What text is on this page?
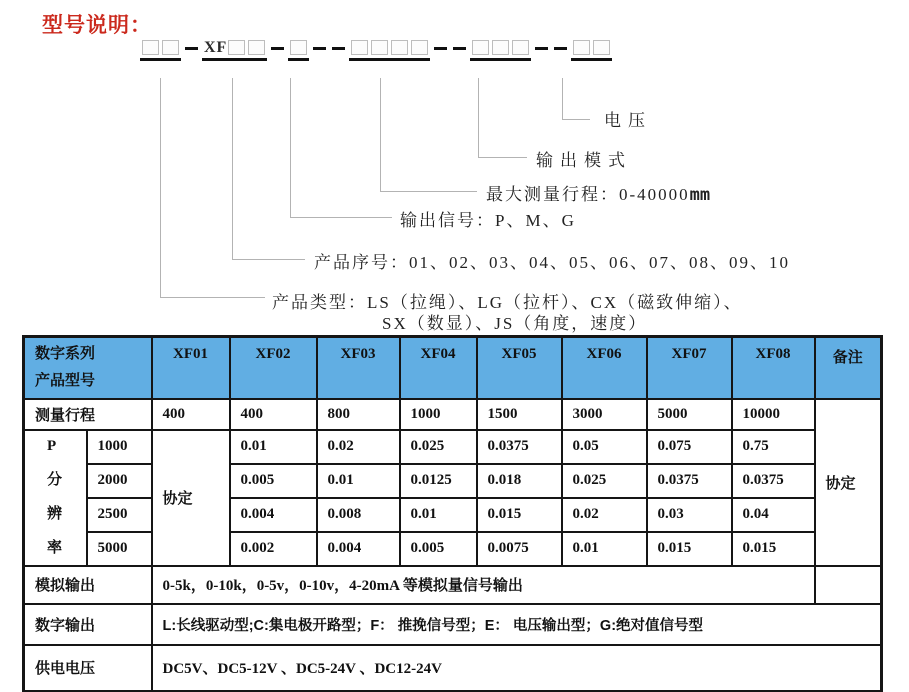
型号说明：
XF
电压
输出模式
最大测量行程：0-40000mm
输出信号：P、M、G
产品序号：01、02、03、04、05、06、07、08、09、10
产品类型：LS（拉绳）、LG（拉杆）、CX（磁致伸缩）、
SX（数显）、JS（角度，速度）
数字系列
产品型号		XF01	XF02	XF03	XF04	XF05	XF06	XF07	XF08	备注
测量行程		400	400	800	1000	1500	3000	5000	10000	协定

P
分
辨
率	1000	协定	0.01	0.02	0.025	0.0375	0.05	0.075	0.75	
	2000		0.005	0.01	0.0125	0.018	0.025	0.0375	0.0375	
	2500		0.004	0.008	0.01	0.015	0.02	0.03	0.04	
	5000		0.002	0.004	0.005	0.0075	0.01	0.015	0.015	
模拟输出		0-5k，0-10k，0-5v，0-10v，4-20mA 等模拟量信号输出								
数字输出		L:长线驱动型;C:集电极开路型；F： 推挽信号型；E： 电压输出型；G:绝对值信号型								
供电电压		DC5V、DC5-12V 、DC5-24V 、DC12-24V								
